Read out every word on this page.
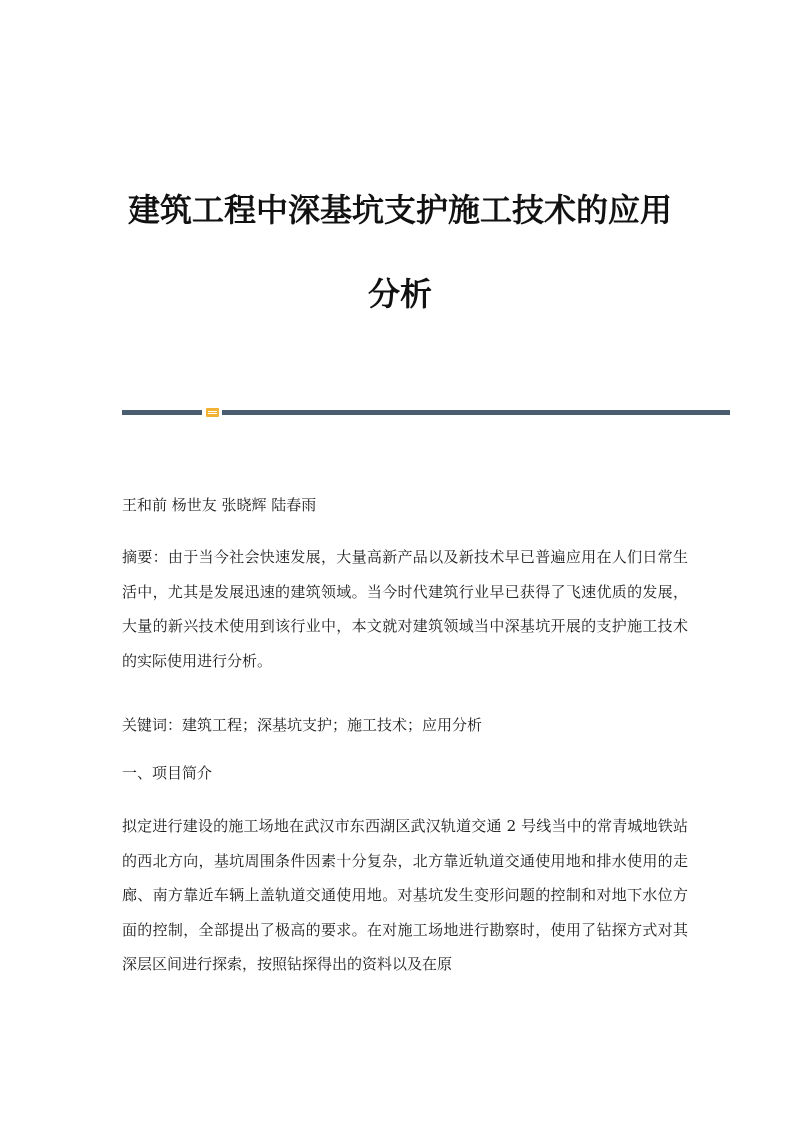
建筑工程中深基坑支护施工技术的应用
分析

王和前 杨世友 张晓辉 陆春雨

摘要：由于当今社会快速发展，大量高新产品以及新技术早已普遍应用在人们日常生活中，尤其是发展迅速的建筑领域。当今时代建筑行业早已获得了飞速优质的发展，大量的新兴技术使用到该行业中，本文就对建筑领域当中深基坑开展的支护施工技术的实际使用进行分析。

关键词：建筑工程；深基坑支护；施工技术；应用分析

一、项目简介

拟定进行建设的施工场地在武汉市东西湖区武汉轨道交通 2 号线当中的常青城地铁站的西北方向，基坑周围条件因素十分复杂，北方靠近轨道交通使用地和排水使用的走廊、南方靠近车辆上盖轨道交通使用地。对基坑发生变形问题的控制和对地下水位方面的控制，全部提出了极高的要求。在对施工场地进行勘察时，使用了钻探方式对其深层区间进行探索，按照钻探得出的资料以及在原
